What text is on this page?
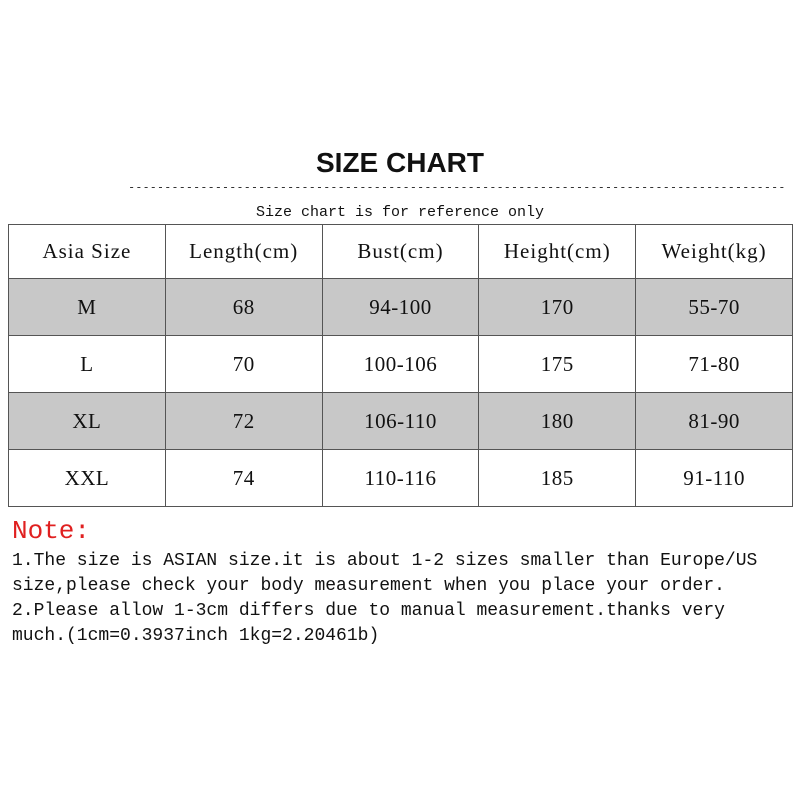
SIZE CHART
-------------------------------------------------------------------------------------------
Size chart is for reference only
Asia Size	Length(cm)	Bust(cm)	Height(cm)	Weight(kg)
M	68	94-100	170	55-70
L	70	100-106	175	71-80
XL	72	106-110	180	81-90
XXL	74	110-116	185	91-110
Note:
1.The size is ASIAN size.it is about 1-2 sizes smaller than Europe/US
size,please check your body measurement when you place your order.
2.Please allow 1-3cm differs due to manual measurement.thanks very
much.(1cm=0.3937inch 1kg=2.20461b)
